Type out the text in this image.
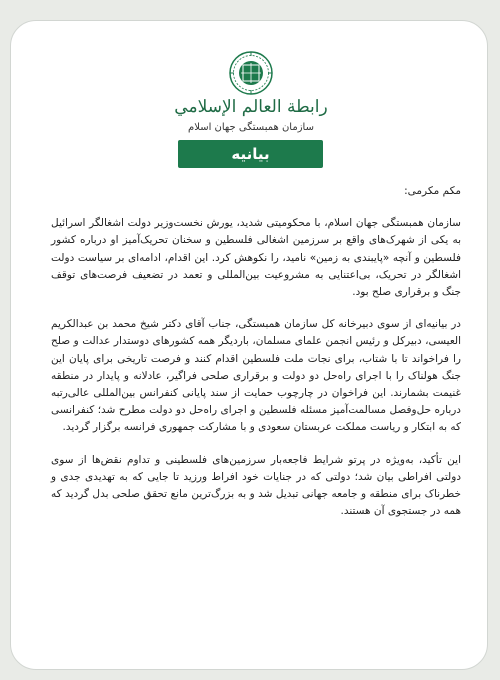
رابطة العالم الإسلامي
سازمان همبستگی جهان اسلام
بیانیه

مکم مکرمی:

سازمان همبستگی جهان اسلام، با محکومیتی شدید، یورش نخست‌وزیر دولت اشغالگر اسرائیل به یکی از شهرک‌های واقع بر سرزمین اشغالی فلسطین و سخنان تحریک‌آمیز او درباره کشور فلسطین و آنچه «پایبندی به زمین» نامید، را نکوهش کرد. این اقدام، ادامه‌ای بر سیاست دولت اشغالگر در تحریک، بی‌اعتنایی به مشروعیت بین‌المللی و تعمد در تضعیف فرصت‌های توقف جنگ و برقراری صلح بود.

در بیانیه‌ای از سوی دبیرخانه کل سازمان همبستگی، جناب آقای دکتر شیخ محمد بن عبدالکریم العیسی، دبیرکل و رئیس انجمن علمای مسلمان، باردیگر همه کشورهای دوستدار عدالت و صلح را فراخواند تا با شتاب، برای نجات ملت فلسطین اقدام کنند و فرصت تاریخی برای پایان این جنگ هولناک را با اجرای راه‌حل دو دولت و برقراری صلحی فراگیر، عادلانه و پایدار در منطقه غنیمت بشمارند. این فراخوان در چارچوب حمایت از سند پایانی کنفرانس بین‌المللی عالی‌رتبه درباره حل‌وفصل مسالمت‌آمیز مسئله فلسطین و اجرای راه‌حل دو دولت مطرح شد؛ کنفرانسی که به ابتکار و ریاست مملکت عربستان سعودی و با مشارکت جمهوری فرانسه برگزار گردید.

این تأکید، به‌ویژه در پرتو شرایط فاجعه‌بار سرزمین‌های فلسطینی و تداوم نقض‌ها از سوی دولتی افراطی بیان شد؛ دولتی که در جنایات خود افراط ورزید تا جایی که به تهدیدی جدی و خطرناک برای منطقه و جامعه جهانی تبدیل شد و به بزرگ‌ترین مانع تحقق صلحی بدل گردید که همه در جستجوی آن هستند.
